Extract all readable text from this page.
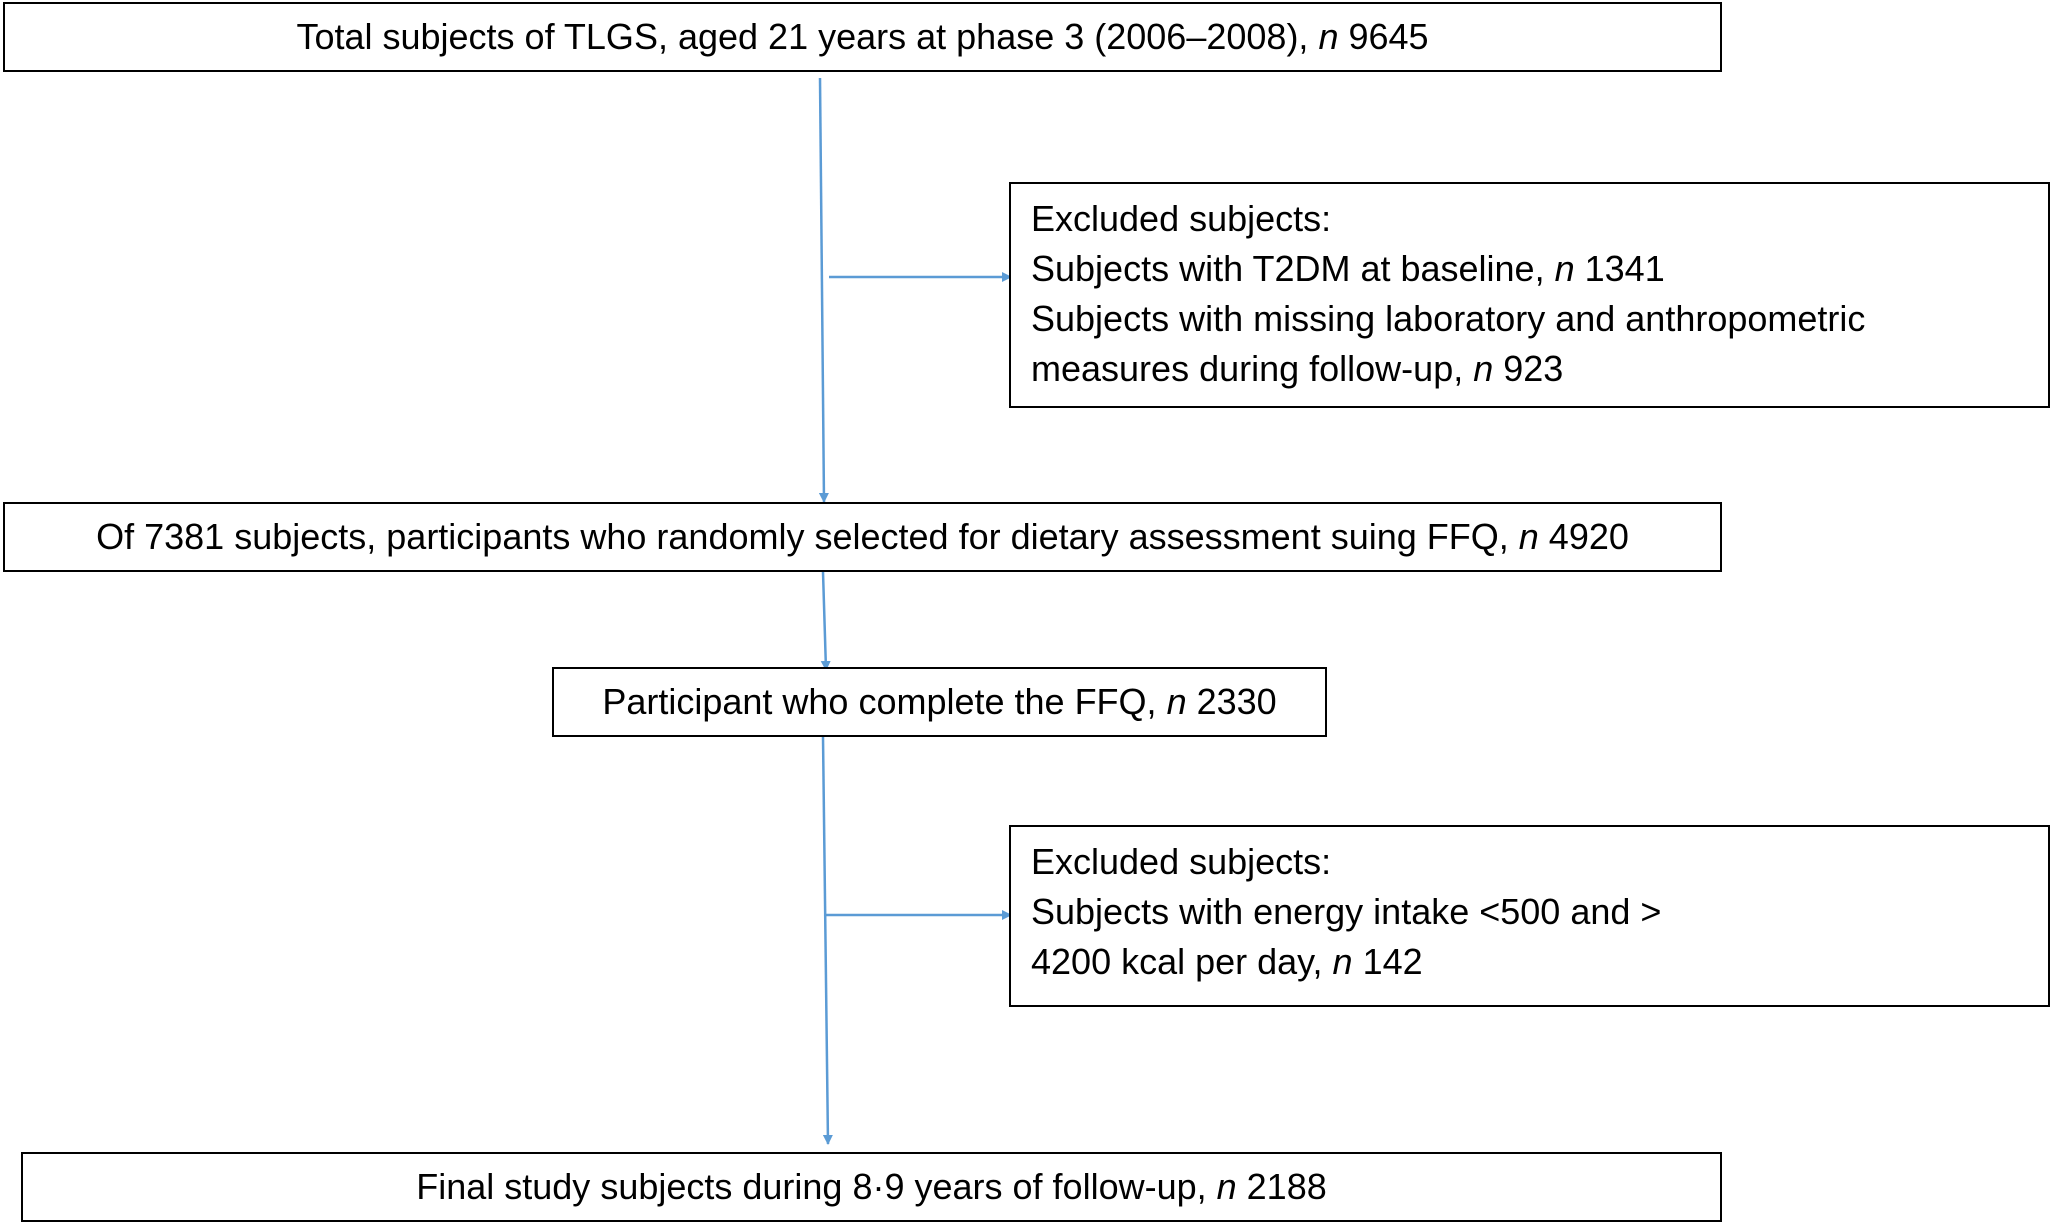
Total subjects of TLGS, aged 21 years at phase 3 (2006–2008), n 9645
Excluded subjects:
Subjects with T2DM at baseline, n 1341
Subjects with missing laboratory and anthropometric
measures during follow-up, n 923
Of 7381 subjects, participants who randomly selected for dietary assessment suing FFQ, n 4920
Participant who complete the FFQ, n 2330
Excluded subjects:
Subjects with energy intake <500 and >
4200 kcal per day, n 142
Final study subjects during 8·9 years of follow-up, n 2188
